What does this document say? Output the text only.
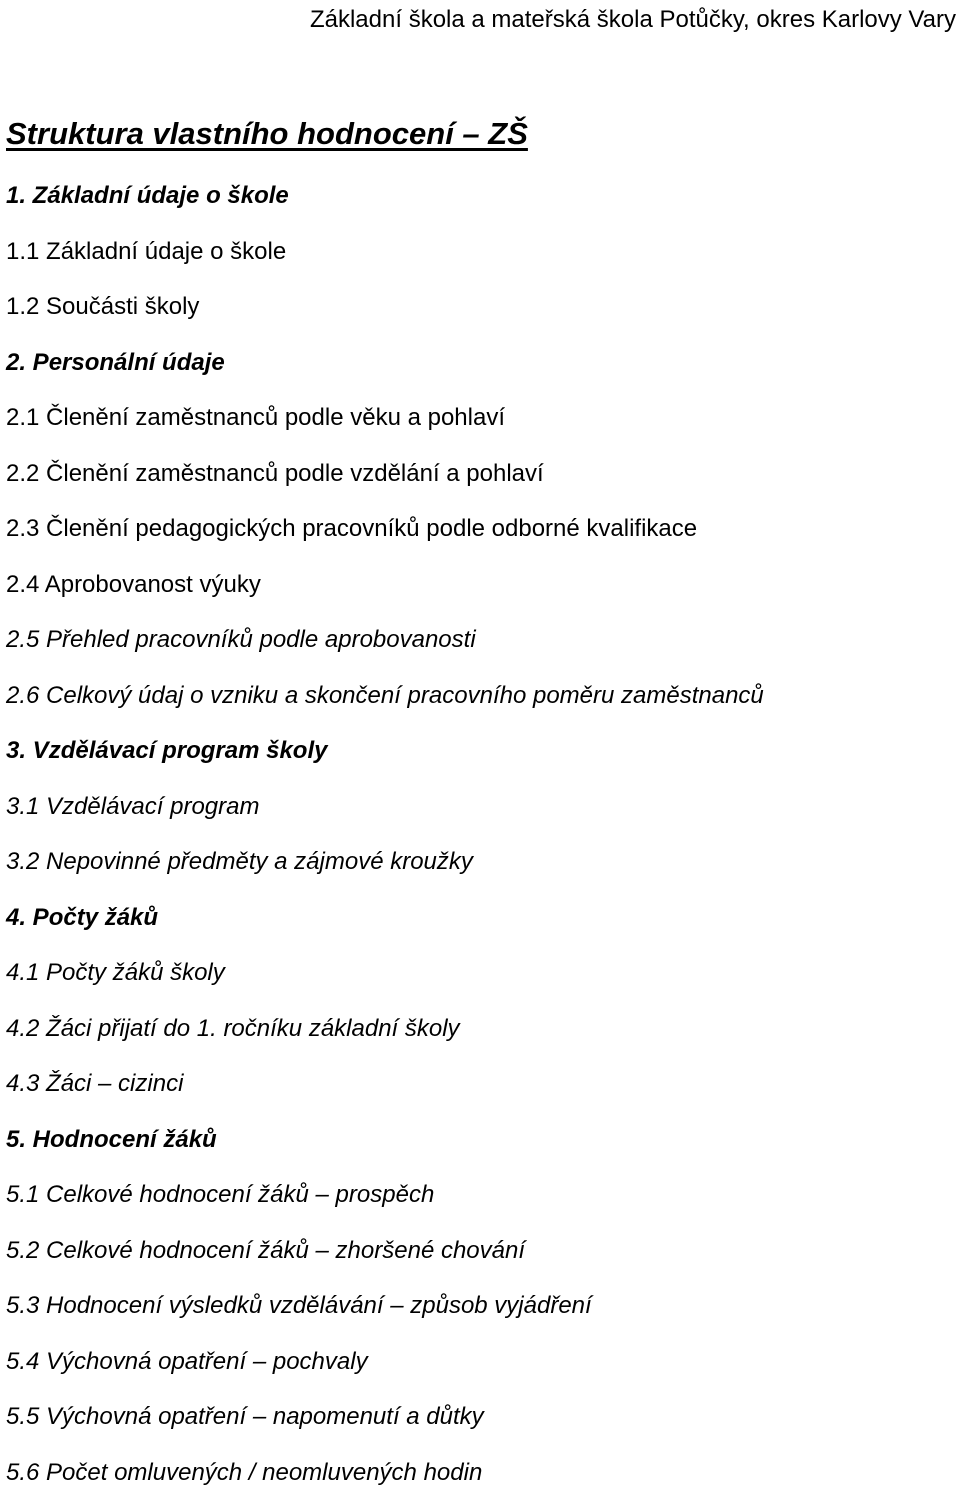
Základní škola a mateřská škola Potůčky, okres Karlovy Vary
Struktura vlastního hodnocení – ZŠ
1. Základní údaje o škole
1.1 Základní údaje o škole
1.2 Součásti školy
2. Personální údaje
2.1 Členění zaměstnanců podle věku a pohlaví
2.2 Členění zaměstnanců podle vzdělání a pohlaví
2.3 Členění pedagogických pracovníků podle odborné kvalifikace
2.4 Aprobovanost výuky
2.5 Přehled pracovníků podle aprobovanosti
2.6 Celkový údaj o vzniku a skončení pracovního poměru zaměstnanců
3. Vzdělávací program školy
3.1 Vzdělávací program
3.2 Nepovinné předměty a zájmové kroužky
4. Počty žáků
4.1 Počty žáků školy
4.2 Žáci přijatí do 1. ročníku základní školy
4.3 Žáci – cizinci
5. Hodnocení žáků
5.1 Celkové hodnocení žáků – prospěch
5.2 Celkové hodnocení žáků – zhoršené chování
5.3 Hodnocení výsledků vzdělávání – způsob vyjádření
5.4 Výchovná opatření – pochvaly
5.5 Výchovná opatření – napomenutí a důtky
5.6 Počet omluvených / neomluvených hodin
